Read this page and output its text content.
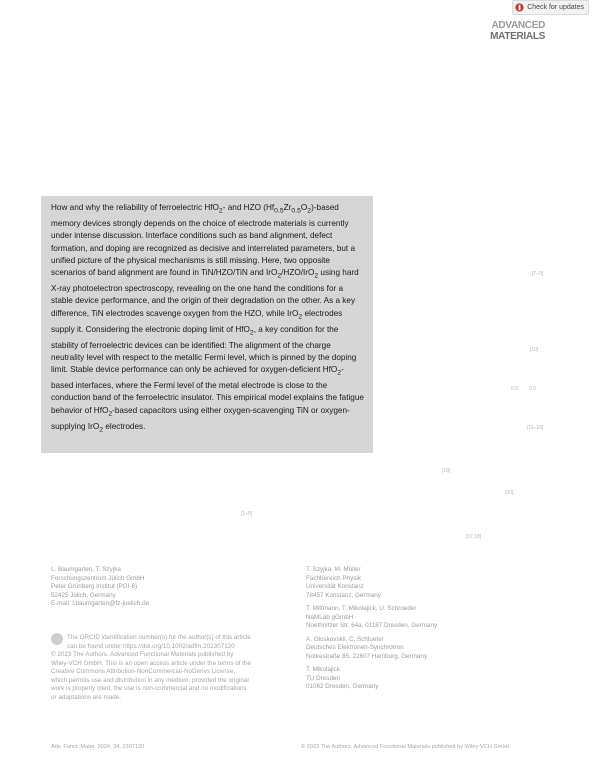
Check for updates
ADVANCED
MATERIALS

How and why the reliability of ferroelectric HfO$_2$- and HZO $(Hf_{0.5}Zr_{0.5}O_2)$-based memory devices strongly depends on the choice of electrode materials is currently under intense discussion. Interface conditions such as band alignment, defect formation, and doping are recognized as decisive and interrelated parameters, but a unified picture of the physical mechanisms is still missing. Here, two opposite scenarios of band alignment are found in TiN/HZO/TiN and IrO$_2$/HZO/IrO$_2$ using hard X-ray photoelectron spectroscopy, revealing on the one hand the conditions for a stable device performance, and the origin of their degradation on the other. As a key difference, TiN electrodes scavenge oxygen from the HZO, while IrO$_2$ electrodes supply it. Considering the electronic doping limit of HfO$_2$, a key condition for the stability of ferroelectric devices can be identified: The alignment of the charge neutrality level with respect to the metallic Fermi level, which is pinned by the doping limit. Stable device performance can only be achieved for oxygen-deficient HfO$_2$-based interfaces, where the Fermi level of the metal electrode is close to the conduction band of the ferroelectric insulator. This empirical model explains the fatigue behavior of HfO$_2$-based capacitors using either oxygen-scavenging TiN or oxygen-supplying IrO$_2$ electrodes.

[7–9]
[10]
0.5 0.5
[11–16]
[18]
[20]
[1–5]
[17,18]
L. Baumgarten, T. Szyjka
Forschungszentrum Jülich GmbH
Peter Grünberg Institut (PGI-6)
52425 Jülich, Germany
E-mail: l.baumgarten@fz-juelich.de
T. Szyjka, M. Müller
Fachbereich Physik
Universität Konstanz
78457 Konstanz, Germany
T. Mittmann, T. Mikolajick, U. Schroeder
NaMLab gGmbH
Noethnitzer Str. 64a, 01187 Dresden, Germany
A. Gloskovskii, C. Schlueter
Deutsches Elektronen-Synchrotron
Notkestraße 85, 22607 Hamburg, Germany
T. Mikolajick
TU Dresden
01062 Dresden, Germany
The ORCID identification number(s) for the author(s) of this article
can be found under https://doi.org/10.1002/adfm.202307120
© 2023 The Authors. Advanced Functional Materials published by
Wiley-VCH GmbH. This is an open access article under the terms of the
Creative Commons Attribution-NonCommercial-NoDerivs License,
which permits use and distribution in any medium, provided the original
work is properly cited, the use is non-commercial and no modifications
or adaptations are made.
Adv. Funct. Mater. 2024, 34, 2307120	© 2023 The Authors. Advanced Functional Materials published by Wiley-VCH GmbH
